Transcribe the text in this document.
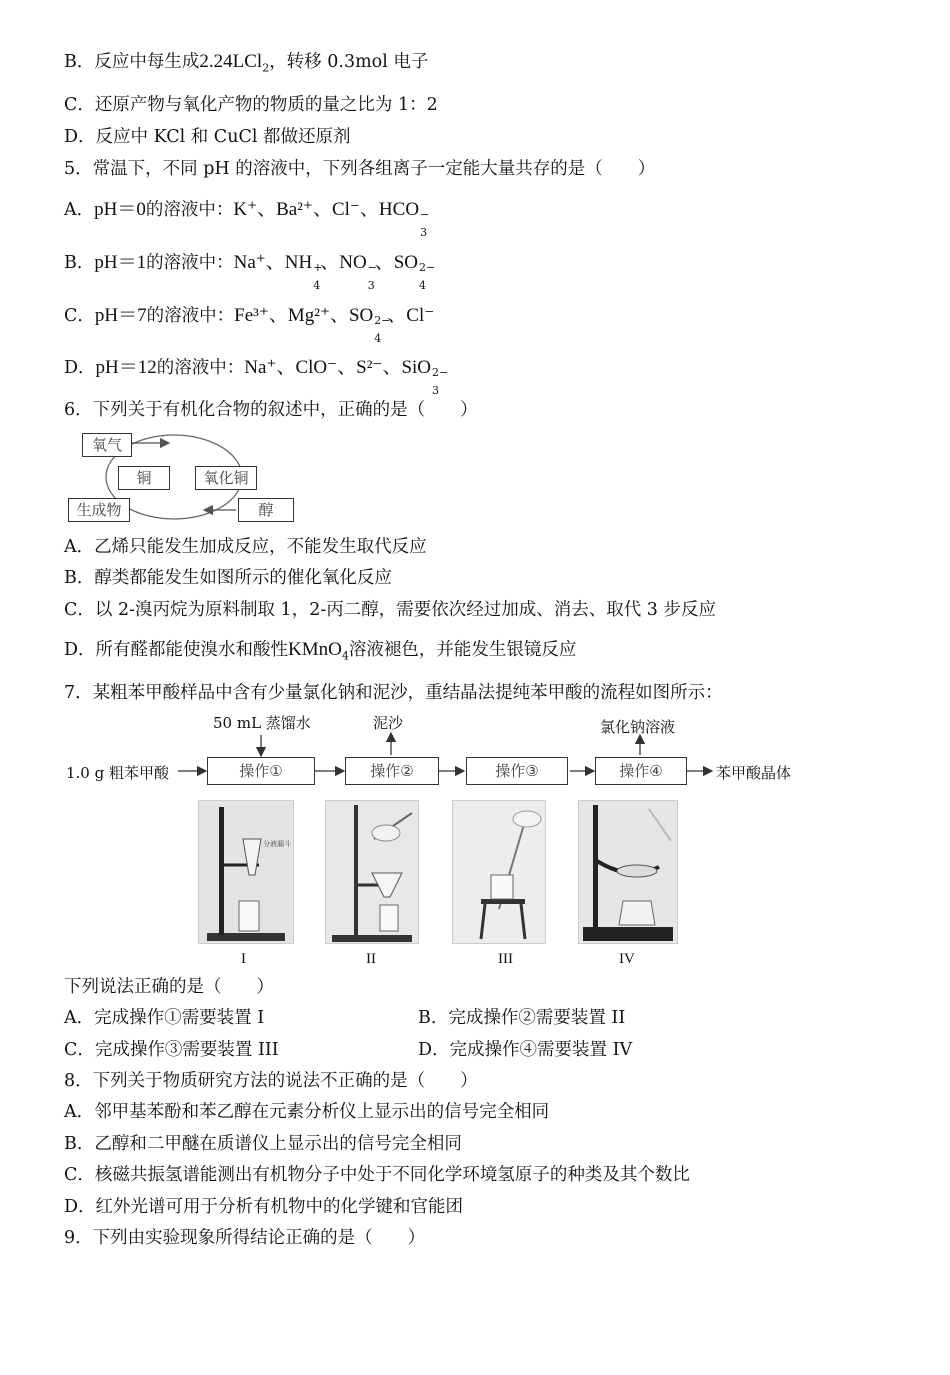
B．反应中每生成2.24LCl$_2$，转移 0.3mol 电子
C．还原产物与氧化产物的物质的量之比为 1：2
D．反应中 KCl 和 CuCl 都做还原剂
5．常温下，不同 pH 的溶液中，下列各组离子一定能大量共存的是（　　）
A．pH＝0的溶液中：K⁺、Ba²⁺、Cl⁻、HCO −
3
B．pH＝1的溶液中：Na⁺、NH +
4
、NO −
3
、SO 2−
4
C．pH＝7的溶液中：Fe³⁺、Mg²⁺、SO 2−
4
、Cl⁻
D．pH＝12的溶液中：Na⁺、ClO⁻、S²⁻、SiO 2−
3
6．下列关于有机化合物的叙述中，正确的是（　　）
氧气
铜	氧化铜
生成物	醇
A．乙烯只能发生加成反应，不能发生取代反应
B．醇类都能发生如图所示的催化氧化反应
C．以 2-溴丙烷为原料制取 1，2-丙二醇，需要依次经过加成、消去、取代 3 步反应
D．所有醛都能使溴水和酸性KMnO$_4$溶液褪色，并能发生银镜反应
7．某粗苯甲酸样品中含有少量氯化钠和泥沙，重结晶法提纯苯甲酸的流程如图所示：
1.0 g 粗苯甲酸
50 mL 蒸馏水	泥沙	氯化钠溶液
操作①	操作②	操作③	操作④	苯甲酸晶体
分液漏斗
I	II	III	IV
下列说法正确的是（　　）
A．完成操作①需要装置 I	B．完成操作②需要装置 II
C．完成操作③需要装置 III	D．完成操作④需要装置 IV
8．下列关于物质研究方法的说法不正确的是（　　）
A．邻甲基苯酚和苯乙醇在元素分析仪上显示出的信号完全相同
B．乙醇和二甲醚在质谱仪上显示出的信号完全相同
C．核磁共振氢谱能测出有机物分子中处于不同化学环境氢原子的种类及其个数比
D．红外光谱可用于分析有机物中的化学键和官能团
9．下列由实验现象所得结论正确的是（　　）
